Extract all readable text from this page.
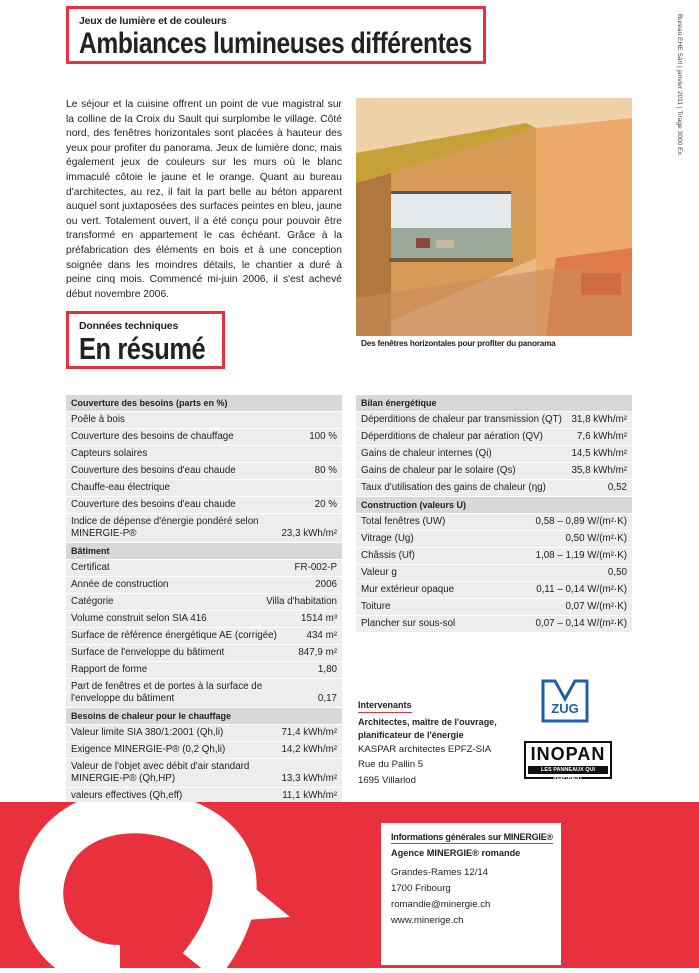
Bureau EHE Sàrl | janvier 2011 | Tirage 3000 Ex.
Jeux de lumière et de couleurs
Ambiances lumineuses différentes
Le séjour et la cuisine offrent un point de vue magistral sur la colline de la Croix du Sault qui surplombe le village. Côté nord, des fenêtres horizontales sont placées à hauteur des yeux pour profiter du panorama. Jeux de lumière donc, mais également jeux de couleurs sur les murs où le blanc immaculé côtoie le jaune et le orange. Quant au bureau d'architectes, au rez, il fait la part belle au béton apparent auquel sont juxtaposées des surfaces peintes en bleu, jaune ou vert. Totalement ouvert, il a été conçu pour pouvoir être transformé en appartement le cas échéant. Grâce à la préfabrication des éléments en bois et à une conception soignée dans les moindres détails, le chantier a duré à peine cinq mois. Commencé mi-juin 2006, il s'est achevé début novembre 2006.
Des fenêtres horizontales pour profiter du panorama
Données techniques
En résumé
Couverture des besoins (parts en %)
Poêle à bois
Couverture des besoins de chauffage	100 %
Capteurs solaires
Couverture des besoins d'eau chaude	80 %
Chauffe-eau électrique
Couverture des besoins d'eau chaude	20 %
Indice de dépense d'énergie pondéré selon MINERGIE-P®	23,3 kWh/m²
Bâtiment
Certificat	FR-002-P
Année de construction	2006
Catégorie	Villa d'habitation
Volume construit selon SIA 416	1514 m³
Surface de référence énergétique AE (corrigée)	434 m²
Surface de l'enveloppe du bâtiment	847,9 m²
Rapport de forme	1,80
Part de fenêtres et de portes à la surface de l'enveloppe du bâtiment	0,17
Besoins de chaleur pour le chauffage
Valeur limite SIA 380/1:2001 (Qh,li)	71,4 kWh/m²
Exigence MINERGIE-P® (0,2 Qh,li)	14,2 kWh/m²
Valeur de l'objet avec débit d'air standard MINERGIE-P® (Qh,HP)	13,3 kWh/m²
valeurs effectives (Qh,eff)	11,1 kWh/m²
Bilan énergétique
Déperditions de chaleur par transmission (QT) 31,8 kWh/m²
Déperditions de chaleur par aération (QV)	7,6 kWh/m²
Gains de chaleur internes (Qi)	14,5 kWh/m²
Gains de chaleur par le solaire (Qs)	35,8 kWh/m²
Taux d'utilisation des gains de chaleur (ηg)	0,52
Construction (valeurs U)
Total fenêtres (UW)	0,58 – 0,89 W/(m²·K)
Vitrage (Ug)	0,50 W/(m²·K)
Châssis (Uf)	1,08 – 1,19 W/(m²·K)
Valeur g	0,50
Mur extérieur opaque	0,11 – 0,14 W/(m²·K)
Toiture	0,07 W/(m²·K)
Plancher sur sous-sol	0,07 – 0,14 W/(m²·K)
Intervenants
Architectes, maître de l'ouvrage, planificateur de l'énergie
KASPAR architectes EPFZ-SIA
Rue du Pallin 5
1695 Villarlod
ZUG
INOPAN
LES PANNEAUX QUI INSPIRENT
Informations générales sur MINERGIE®
Agence MINERGIE® romande
Grandes-Rames 12/14
1700 Fribourg
romandie@minergie.ch
www.minerige.ch
